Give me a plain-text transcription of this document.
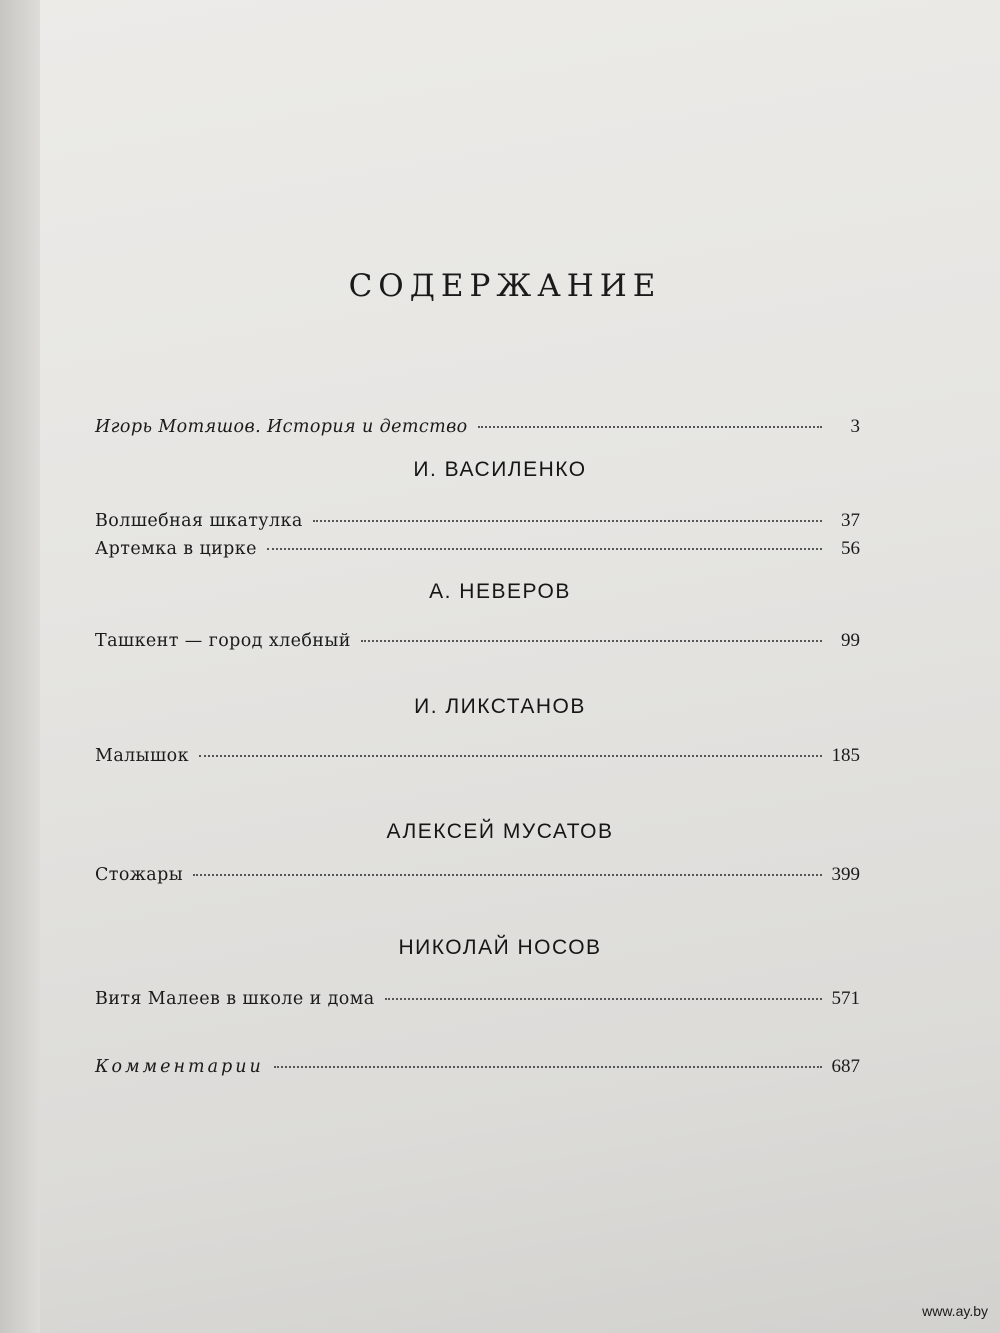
СОДЕРЖАНИЕ
Игорь Мотяшов. История и детство	3
И. ВАСИЛЕНКО
Волшебная шкатулка	37
Артемка в цирке	56
А. НЕВЕРОВ
Ташкент — город хлебный	99
И. ЛИКСТАНОВ
Малышок	185
АЛЕКСЕЙ МУСАТОВ
Стожары	399
НИКОЛАЙ НОСОВ
Витя Малеев в школе и дома	571
Комментарии	687
www.ay.by
